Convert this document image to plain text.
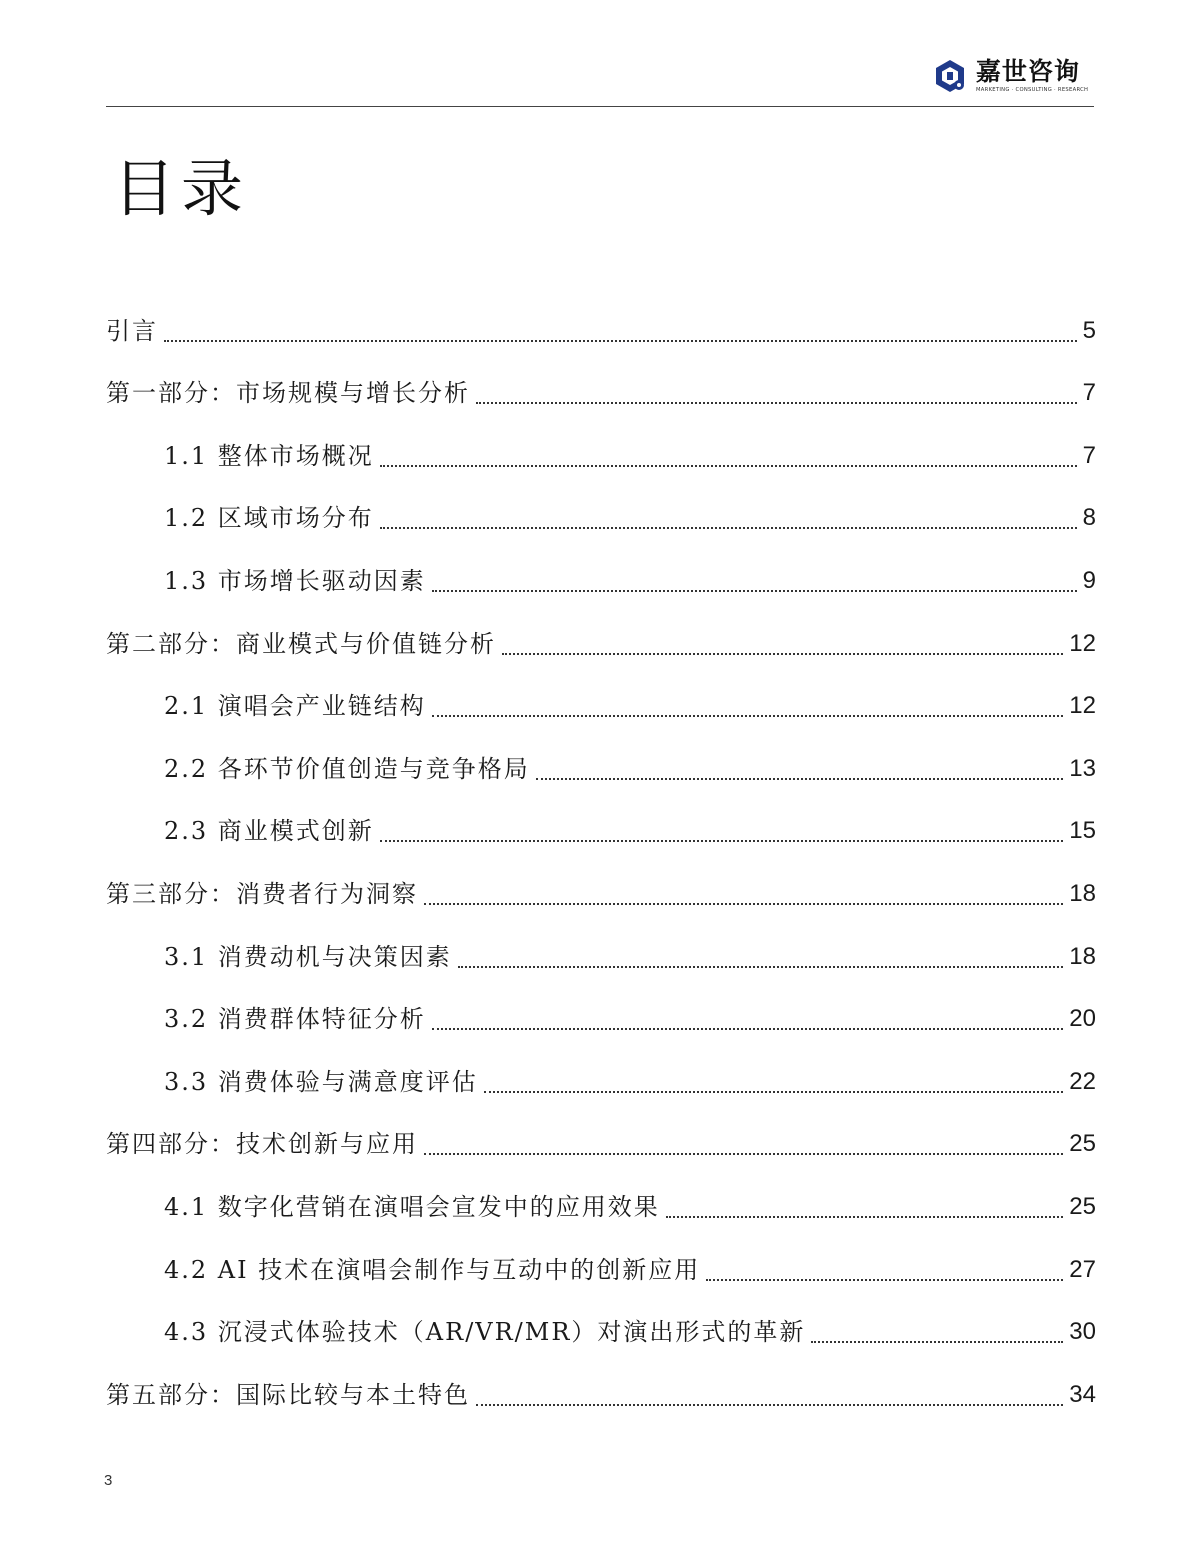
嘉世咨询
MARKETING · CONSULTING · RESEARCH
目录
引言	5
第一部分：市场规模与增长分析	7
1.1 整体市场概况	7
1.2 区域市场分布	8
1.3 市场增长驱动因素	9
第二部分：商业模式与价值链分析	12
2.1 演唱会产业链结构	12
2.2 各环节价值创造与竞争格局	13
2.3 商业模式创新	15
第三部分：消费者行为洞察	18
3.1 消费动机与决策因素	18
3.2 消费群体特征分析	20
3.3 消费体验与满意度评估	22
第四部分：技术创新与应用	25
4.1 数字化营销在演唱会宣发中的应用效果	25
4.2 AI 技术在演唱会制作与互动中的创新应用	27
4.3 沉浸式体验技术（AR/VR/MR）对演出形式的革新	30
第五部分：国际比较与本土特色	34
3
